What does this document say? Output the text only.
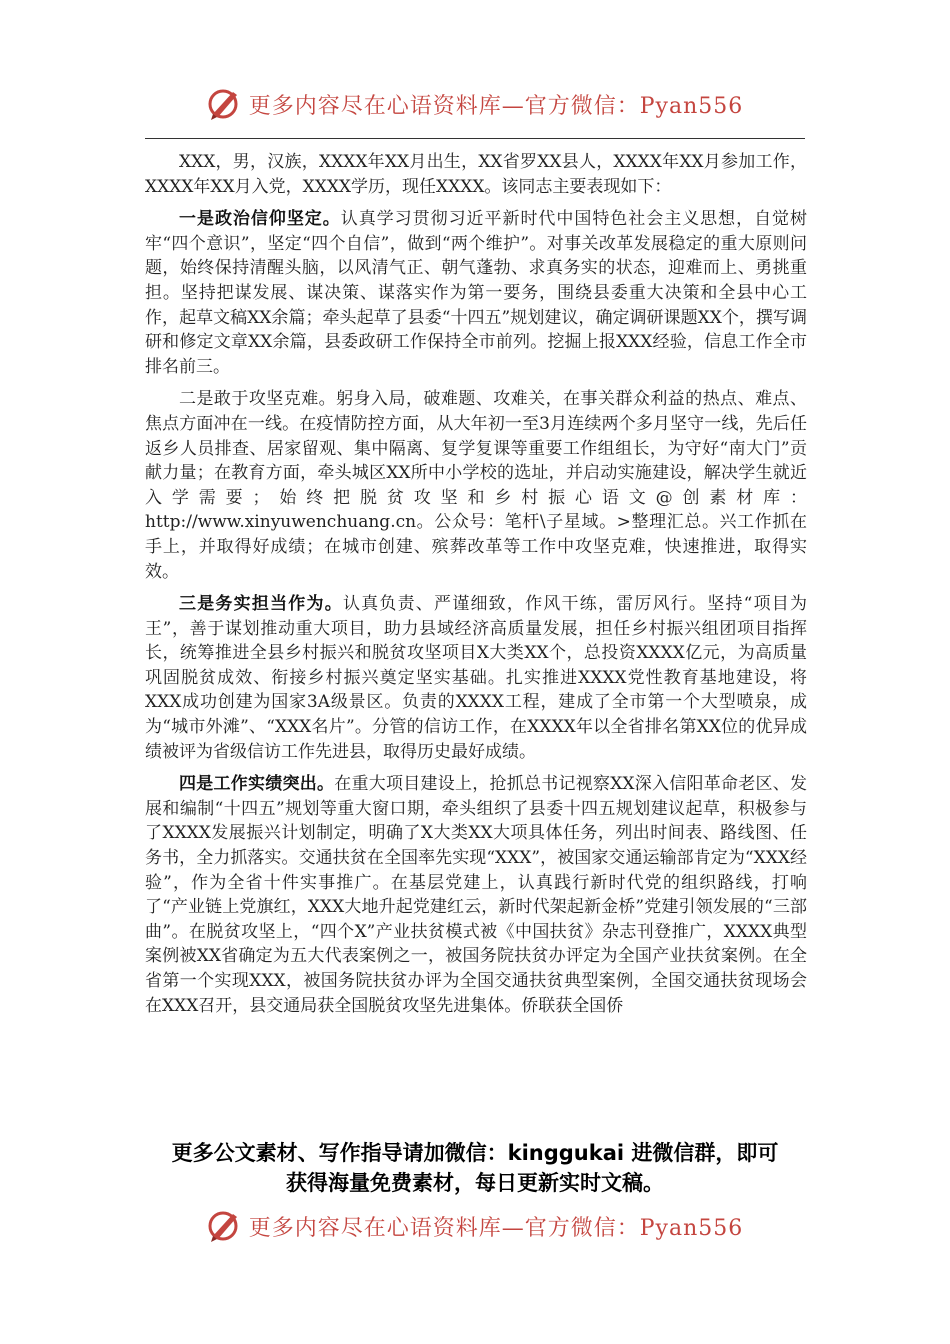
更多内容尽在心语资料库—官方微信：Pyan556

XXX，男，汉族，XXXX年XX月出生，XX省罗XX县人，XXXX年XX月参加工作，XXXX年XX月入党，XXXX学历，现任XXXX。该同志主要表现如下：

一是政治信仰坚定。认真学习贯彻习近平新时代中国特色社会主义思想，自觉树牢“四个意识”，坚定“四个自信”，做到“两个维护”。对事关改革发展稳定的重大原则问题，始终保持清醒头脑，以风清气正、朝气蓬勃、求真务实的状态，迎难而上、勇挑重担。坚持把谋发展、谋决策、谋落实作为第一要务，围绕县委重大决策和全县中心工作，起草文稿XX余篇；牵头起草了县委“十四五”规划建议，确定调研课题XX个，撰写调研和修定文章XX余篇，县委政研工作保持全市前列。挖掘上报XXX经验，信息工作全市排名前三。

二是敢于攻坚克难。躬身入局，破难题、攻难关，在事关群众利益的热点、难点、焦点方面冲在一线。在疫情防控方面，从大年初一至3月连续两个多月坚守一线，先后任返乡人员排查、居家留观、集中隔离、复学复课等重要工作组组长，为守好“南大门”贡献力量；在教育方面，牵头城区XX所中小学校的选址，并启动实施建设，解决学生就近入学需要；始终把脱贫攻坚和乡村振心语文@创素材库：http://www.xinyuwenchuang.cn。公众号：笔杆\子星域。>整理汇总。兴工作抓在手上，并取得好成绩；在城市创建、殡葬改革等工作中攻坚克难，快速推进，取得实效。

三是务实担当作为。认真负责、严谨细致，作风干练，雷厉风行。坚持“项目为王”，善于谋划推动重大项目，助力县域经济高质量发展，担任乡村振兴组团项目指挥长，统筹推进全县乡村振兴和脱贫攻坚项目X大类XX个，总投资XXXX亿元，为高质量巩固脱贫成效、衔接乡村振兴奠定坚实基础。扎实推进XXXX党性教育基地建设，将XXX成功创建为国家3A级景区。负责的XXXX工程，建成了全市第一个大型喷泉，成为“城市外滩”、“XXX名片”。分管的信访工作，在XXXX年以全省排名第XX位的优异成绩被评为省级信访工作先进县，取得历史最好成绩。

四是工作实绩突出。在重大项目建设上，抢抓总书记视察XX深入信阳革命老区、发展和编制“十四五”规划等重大窗口期，牵头组织了县委十四五规划建议起草，积极参与了XXXX发展振兴计划制定，明确了X大类XX大项具体任务，列出时间表、路线图、任务书，全力抓落实。交通扶贫在全国率先实现“XXX”，被国家交通运输部肯定为“XXX经验”，作为全省十件实事推广。在基层党建上，认真践行新时代党的组织路线，打响了“产业链上党旗红，XXX大地升起党建红云，新时代架起新金桥”党建引领发展的“三部曲”。在脱贫攻坚上，“四个X”产业扶贫模式被《中国扶贫》杂志刊登推广，XXXX典型案例被XX省确定为五大代表案例之一，被国务院扶贫办评定为全国产业扶贫案例。在全省第一个实现XXX，被国务院扶贫办评为全国交通扶贫典型案例，全国交通扶贫现场会在XXX召开，县交通局获全国脱贫攻坚先进集体。侨联获全国侨

更多公文素材、写作指导请加微信：kinggukai 进微信群，即可
获得海量免费素材，每日更新实时文稿。
更多内容尽在心语资料库—官方微信：Pyan556
